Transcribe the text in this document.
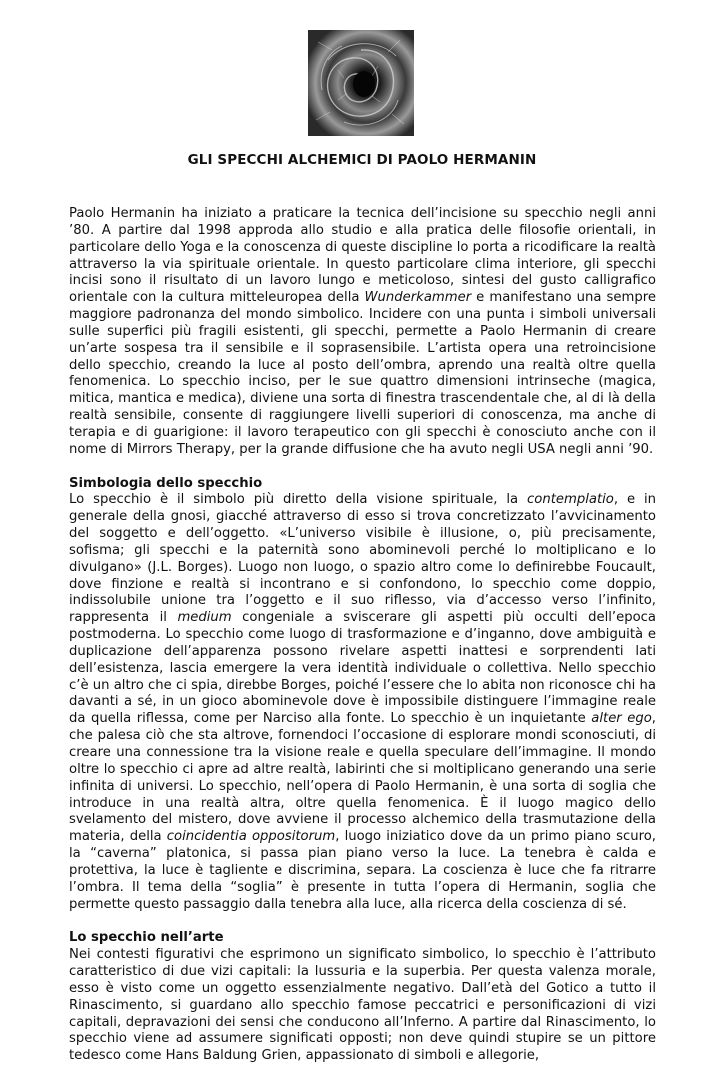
GLI SPECCHI ALCHEMICI DI PAOLO HERMANIN

Paolo Hermanin ha iniziato a praticare la tecnica dell’incisione su specchio negli anni ’80. A partire dal 1998 approda allo studio e alla pratica delle filosofie orientali, in particolare dello Yoga e la conoscenza di queste discipline lo porta a ricodificare la realtà attraverso la via spirituale orientale. In questo particolare clima interiore, gli specchi incisi sono il risultato di un lavoro lungo e meticoloso, sintesi del gusto calligrafico orientale con la cultura mitteleuropea della Wunderkammer e manifestano una sempre maggiore padronanza del mondo simbolico. Incidere con una punta i simboli universali sulle superfici più fragili esistenti, gli specchi, permette a Paolo Hermanin di creare un’arte sospesa tra il sensibile e il soprasensibile. L’artista opera una retroincisione dello specchio, creando la luce al posto dell’ombra, aprendo una realtà oltre quella fenomenica. Lo specchio inciso, per le sue quattro dimensioni intrinseche (magica, mitica, mantica e medica), diviene una sorta di finestra trascendentale che, al di là della realtà sensibile, consente di raggiungere livelli superiori di conoscenza, ma anche di terapia e di guarigione: il lavoro terapeutico con gli specchi è conosciuto anche con il nome di Mirrors Therapy, per la grande diffusione che ha avuto negli USA negli anni ’90.

Simbologia dello specchio

Lo specchio è il simbolo più diretto della visione spirituale, la contemplatio, e in generale della gnosi, giacché attraverso di esso si trova concretizzato l’avvicinamento del soggetto e dell’oggetto. «L’universo visibile è illusione, o, più precisamente, sofisma; gli specchi e la paternità sono abominevoli perché lo moltiplicano e lo divulgano» (J.L. Borges). Luogo non luogo, o spazio altro come lo definirebbe Foucault, dove finzione e realtà si incontrano e si confondono, lo specchio come doppio, indissolubile unione tra l’oggetto e il suo riflesso, via d’accesso verso l’infinito, rappresenta il medium congeniale a sviscerare gli aspetti più occulti dell’epoca postmoderna. Lo specchio come luogo di trasformazione e d’inganno, dove ambiguità e duplicazione dell’apparenza possono rivelare aspetti inattesi e sorprendenti lati dell’esistenza, lascia emergere la vera identità individuale o collettiva. Nello specchio c’è un altro che ci spia, direbbe Borges, poiché l’essere che lo abita non riconosce chi ha davanti a sé, in un gioco abominevole dove è impossibile distinguere l’immagine reale da quella riflessa, come per Narciso alla fonte. Lo specchio è un inquietante alter ego, che palesa ciò che sta altrove, fornendoci l’occasione di esplorare mondi sconosciuti, di creare una connessione tra la visione reale e quella speculare dell’immagine. Il mondo oltre lo specchio ci apre ad altre realtà, labirinti che si moltiplicano generando una serie infinita di universi. Lo specchio, nell’opera di Paolo Hermanin, è una sorta di soglia che introduce in una realtà altra, oltre quella fenomenica. È il luogo magico dello svelamento del mistero, dove avviene il processo alchemico della trasmutazione della materia, della coincidentia oppositorum, luogo iniziatico dove da un primo piano scuro, la “caverna” platonica, si passa pian piano verso la luce. La tenebra è calda e protettiva, la luce è tagliente e discrimina, separa. La coscienza è luce che fa ritrarre l’ombra. Il tema della “soglia” è presente in tutta l’opera di Hermanin, soglia che permette questo passaggio dalla tenebra alla luce, alla ricerca della coscienza di sé.

Lo specchio nell’arte

Nei contesti figurativi che esprimono un significato simbolico, lo specchio è l’attributo caratteristico di due vizi capitali: la lussuria e la superbia. Per questa valenza morale, esso è visto come un oggetto essenzialmente negativo. Dall’età del Gotico a tutto il Rinascimento, si guardano allo specchio famose peccatrici e personificazioni di vizi capitali, depravazioni dei sensi che conducono all’Inferno. A partire dal Rinascimento, lo specchio viene ad assumere significati opposti; non deve quindi stupire se un pittore tedesco come Hans Baldung Grien, appassionato di simboli e allegorie,
